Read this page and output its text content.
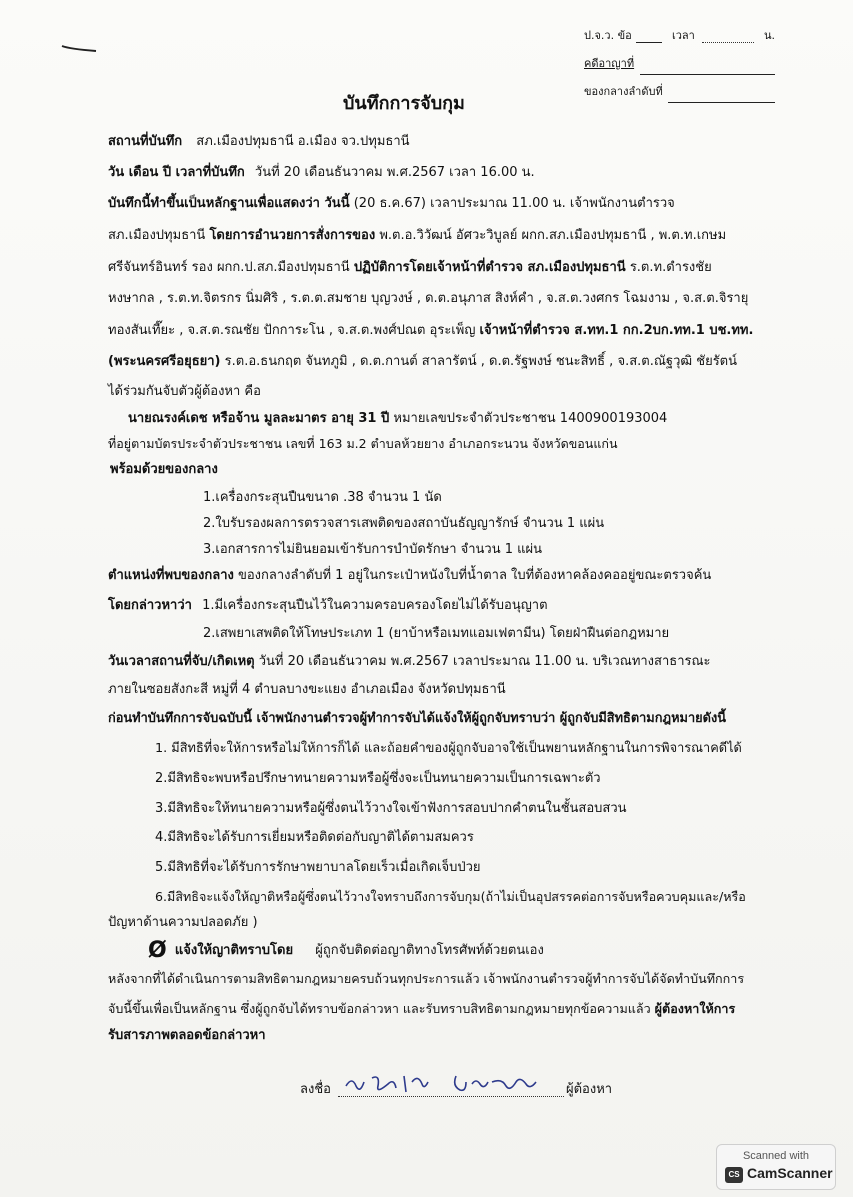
ป.จ.ว. ข้อ	เวลา	น.
คดีอาญาที่
ของกลางลำดับที่
บันทึกการจับกุม
สถานที่บันทึก สภ.เมืองปทุมธานี อ.เมือง จว.ปทุมธานี
วัน เดือน ปี เวลาที่บันทึก วันที่ 20 เดือนธันวาคม พ.ศ.2567 เวลา 16.00 น.
บันทึกนี้ทำขึ้นเป็นหลักฐานเพื่อแสดงว่า วันนี้ (20 ธ.ค.67) เวลาประมาณ 11.00 น. เจ้าพนักงานตำรวจ
สภ.เมืองปทุมธานี โดยการอำนวยการสั่งการของ พ.ต.อ.วิวัฒน์ อัศวะวิบูลย์ ผกก.สภ.เมืองปทุมธานี , พ.ต.ท.เกษม
ศรีจันทร์อินทร์ รอง ผกก.ป.สภ.มืองปทุมธานี ปฏิบัติการโดยเจ้าหน้าที่ตำรวจ สภ.เมืองปทุมธานี ร.ต.ท.ดำรงชัย
หงษากล , ร.ต.ท.จิตรกร นิ่มศิริ , ร.ต.ต.สมชาย บุญวงษ์ , ด.ต.อนุภาส สิงห์คำ , จ.ส.ต.วงศกร โฉมงาม , จ.ส.ต.จิรายุ
ทองสันเที๊ยะ , จ.ส.ต.รณชัย ปักการะโน , จ.ส.ต.พงศ์ปณต อุระเพ็ญ เจ้าหน้าที่ตำรวจ ส.ทท.1 กก.2บก.ทท.1 บช.ทท.
(พระนครศรีอยุธยา) ร.ต.อ.ธนกฤต จันทภูมิ , ด.ต.กานต์ สาลารัตน์ , ด.ต.รัฐพงษ์ ชนะสิทธิ์ , จ.ส.ต.ณัฐวุฒิ ชัยรัตน์
ได้ร่วมกันจับตัวผู้ต้องหา คือ
นายณรงค์เดช หรือจ้าน มูลละมาตร อายุ 31 ปี หมายเลขประจำตัวประชาชน 1400900193004
ที่อยู่ตามบัตรประจำตัวประชาชน เลขที่ 163 ม.2 ตำบลห้วยยาง อำเภอกระนวน จังหวัดขอนแก่น
พร้อมด้วยของกลาง
1.เครื่องกระสุนปืนขนาด .38 จำนวน 1 นัด
2.ใบรับรองผลการตรวจสารเสพติดของสถาบันธัญญารักษ์ จำนวน 1 แผ่น
3.เอกสารการไม่ยินยอมเข้ารับการบำบัดรักษา จำนวน 1 แผ่น
ตำแหน่งที่พบของกลาง ของกลางลำดับที่ 1 อยู่ในกระเป๋าหนังใบที่น้ำตาล ใบที่ต้องหาคล้องคออยู่ขณะตรวจค้น
โดยกล่าวหาว่า 1.มีเครื่องกระสุนปืนไว้ในความครอบครองโดยไม่ได้รับอนุญาต
2.เสพยาเสพติดให้โทษประเภท 1 (ยาบ้าหรือเมทแอมเฟตามีน) โดยฝ่าฝืนต่อกฎหมาย
วันเวลาสถานที่จับ/เกิดเหตุ วันที่ 20 เดือนธันวาคม พ.ศ.2567 เวลาประมาณ 11.00 น. บริเวณทางสาธารณะ
ภายในซอยสังกะสี หมู่ที่ 4 ตำบลบางขะแยง อำเภอเมือง จังหวัดปทุมธานี
ก่อนทำบันทึกการจับฉบับนี้ เจ้าพนักงานตำรวจผู้ทำการจับได้แจ้งให้ผู้ถูกจับทราบว่า ผู้ถูกจับมีสิทธิตามกฎหมายดังนี้
1. มีสิทธิที่จะให้การหรือไม่ให้การก็ได้ และถ้อยคำของผู้ถูกจับอาจใช้เป็นพยานหลักฐานในการพิจารณาคดีได้
2.มีสิทธิจะพบหรือปรึกษาทนายความหรือผู้ซึ่งจะเป็นทนายความเป็นการเฉพาะตัว
3.มีสิทธิจะให้ทนายความหรือผู้ซึ่งตนไว้วางใจเข้าฟังการสอบปากคำตนในชั้นสอบสวน
4.มีสิทธิจะได้รับการเยี่ยมหรือติดต่อกับญาติได้ตามสมควร
5.มีสิทธิที่จะได้รับการรักษาพยาบาลโดยเร็วเมื่อเกิดเจ็บป่วย
6.มีสิทธิจะแจ้งให้ญาติหรือผู้ซึ่งตนไว้วางใจทราบถึงการจับกุม(ถ้าไม่เป็นอุปสรรคต่อการจับหรือควบคุมและ/หรือ
ปัญหาด้านความปลอดภัย )
Ø แจ้งให้ญาติทราบโดย ผู้ถูกจับติดต่อญาติทางโทรศัพท์ด้วยตนเอง
หลังจากที่ได้ดำเนินการตามสิทธิตามกฎหมายครบถ้วนทุกประการแล้ว เจ้าพนักงานตำรวจผู้ทำการจับได้จัดทำบันทึกการ
จับนี้ขึ้นเพื่อเป็นหลักฐาน ซึ่งผู้ถูกจับได้ทราบข้อกล่าวหา และรับทราบสิทธิตามกฎหมายทุกข้อความแล้ว ผู้ต้องหาให้การ
รับสารภาพตลอดข้อกล่าวหา
ลงชื่อ	ผู้ต้องหา
Scanned with
CS CamScanner
